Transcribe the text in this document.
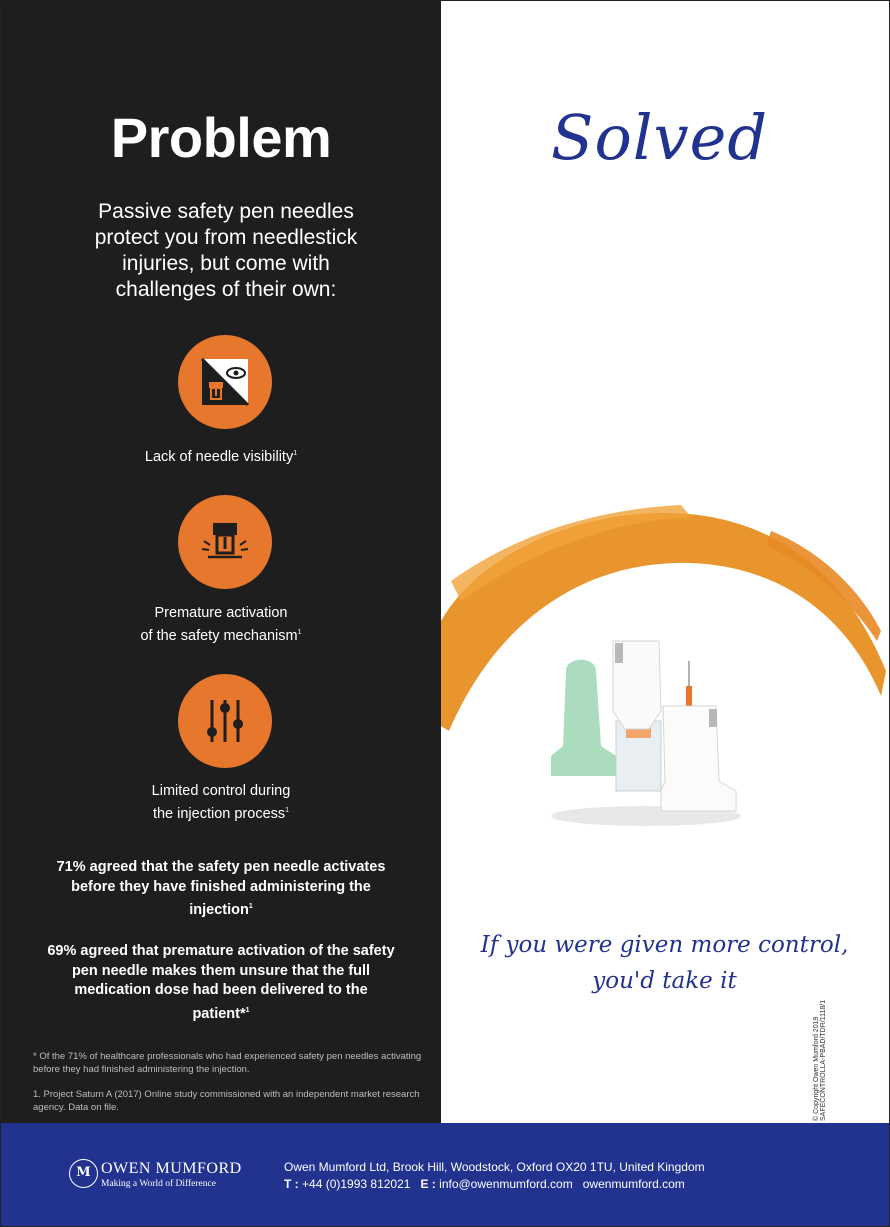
Problem
Passive safety pen needles protect you from needlestick injuries, but come with challenges of their own:
Lack of needle visibility$^1$
Premature activation
of the safety mechanism$^1$
Limited control during
the injection process$^1$
71% agreed that the safety pen needle activates before they have finished administering the injection$^1$
69% agreed that premature activation of the safety pen needle makes them unsure that the full medication dose had been delivered to the patient*$^1$
* Of the 71% of healthcare professionals who had experienced safety pen needles activating before they had finished administering the injection.
1. Project Saturn A (2017) Online study commissioned with an independent market research agency. Data on file.
Solved
If you were given more control,
you'd take it
© Copyright Owen Mumford 2019
SAFECONTROLLA-PBAD/TDR/1118/1
M OWEN MUMFORD
Making a World of Difference
Owen Mumford Ltd, Brook Hill, Woodstock, Oxford OX20 1TU, United Kingdom
T : +44 (0)1993 812021 E : info@owenmumford.com owenmumford.com
